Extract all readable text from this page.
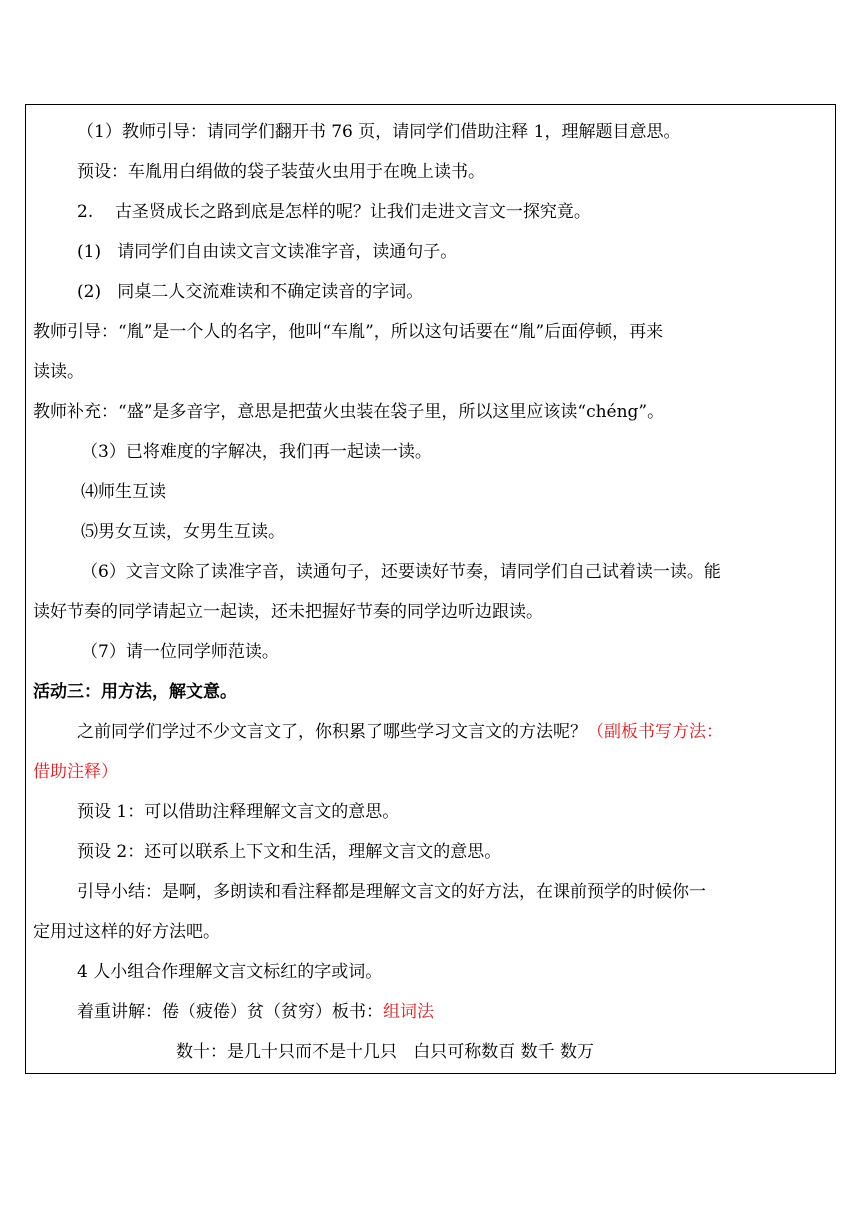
（1）教师引导：请同学们翻开书 76 页，请同学们借助注释 1，理解题目意思。
预设：车胤用白绢做的袋子装萤火虫用于在晚上读书。
2.    古圣贤成长之路到底是怎样的呢？让我们走进文言文一探究竟。
(1)   请同学们自由读文言文读准字音，读通句子。
(2)   同桌二人交流难读和不确定读音的字词。
教师引导：“胤”是一个人的名字，他叫“车胤”，所以这句话要在“胤”后面停顿，再来
读读。
教师补充：“盛”是多音字，意思是把萤火虫装在袋子里，所以这里应该读“chéng”。
（3）已将难度的字解决，我们再一起读一读。
⑷师生互读
⑸男女互读，女男生互读。
（6）文言文除了读准字音，读通句子，还要读好节奏，请同学们自己试着读一读。能
读好节奏的同学请起立一起读，还未把握好节奏的同学边听边跟读。
（7）请一位同学师范读。
活动三：用方法，解文意。
之前同学们学过不少文言文了，你积累了哪些学习文言文的方法呢？（副板书写方法：
借助注释）
预设 1：可以借助注释理解文言文的意思。
预设 2：还可以联系上下文和生活，理解文言文的意思。
引导小结：是啊，多朗读和看注释都是理解文言文的好方法，在课前预学的时候你一
定用过这样的好方法吧。
4 人小组合作理解文言文标红的字或词。
着重讲解：倦（疲倦）贫（贫穷）板书：组词法
数十：是几十只而不是十几只   白只可称数百 数千 数万
